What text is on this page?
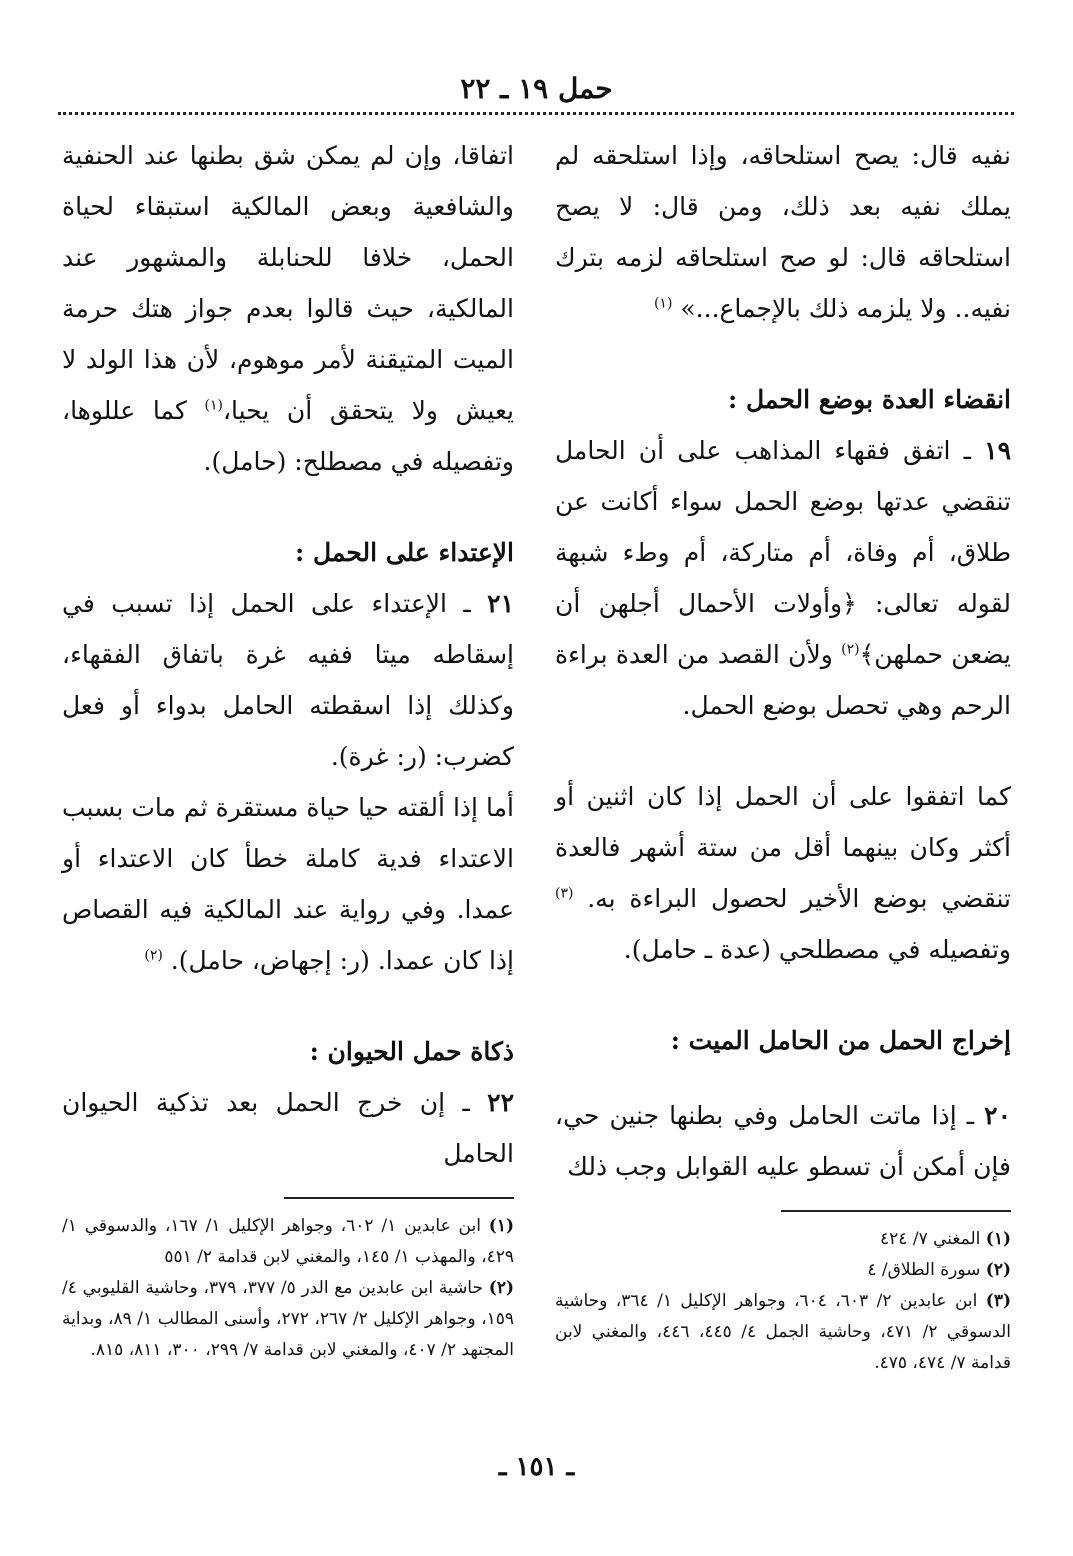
حمل ١٩ ـ ٢٢

نفيه قال: يصح استلحاقه، وإذا استلحقه لم يملك نفيه بعد ذلك، ومن قال: لا يصح استلحاقه قال: لو صح استلحاقه لزمه بترك نفيه.. ولا يلزمه ذلك بالإجماع...» $^{(١)}$

انقضاء العدة بوضع الحمل :

١٩ ـ اتفق فقهاء المذاهب على أن الحامل تنقضي عدتها بوضع الحمل سواء أكانت عن طلاق، أم وفاة، أم متاركة، أم وطء شبهة لقوله تعالى: ﴿وأولات الأحمال أجلهن أن يضعن حملهن﴾$^{(٢)}$ ولأن القصد من العدة براءة الرحم وهي تحصل بوضع الحمل.

كما اتفقوا على أن الحمل إذا كان اثنين أو أكثر وكان بينهما أقل من ستة أشهر فالعدة تنقضي بوضع الأخير لحصول البراءة به. $^{(٣)}$ وتفصيله في مصطلحي (عدة ـ حامل).

إخراج الحمل من الحامل الميت :

٢٠ ـ إذا ماتت الحامل وفي بطنها جنين حي، فإن أمكن أن تسطو عليه القوابل وجب ذلك

(١) المغني ٧/ ٤٢٤

(٢) سورة الطلاق/ ٤

(٣) ابن عابدين ٢/ ٦٠٣، ٦٠٤، وجواهر الإكليل ١/ ٣٦٤، وحاشية الدسوقي ٢/ ٤٧١، وحاشية الجمل ٤/ ٤٤٥، ٤٤٦، والمغني لابن قدامة ٧/ ٤٧٤، ٤٧٥.

اتفاقا، وإن لم يمكن شق بطنها عند الحنفية والشافعية وبعض المالكية استبقاء لحياة الحمل، خلافا للحنابلة والمشهور عند المالكية، حيث قالوا بعدم جواز هتك حرمة الميت المتيقنة لأمر موهوم، لأن هذا الولد لا يعيش ولا يتحقق أن يحيا،$^{(١)}$ كما عللوها، وتفصيله في مصطلح: (حامل).

الإعتداء على الحمل :

٢١ ـ الإعتداء على الحمل إذا تسبب في إسقاطه ميتا ففيه غرة باتفاق الفقهاء، وكذلك إذا اسقطته الحامل بدواء أو فعل كضرب: (ر: غرة).

أما إذا ألقته حيا حياة مستقرة ثم مات بسبب الاعتداء فدية كاملة خطأ كان الاعتداء أو عمدا. وفي رواية عند المالكية فيه القصاص إذا كان عمدا. (ر: إجهاض، حامل). $^{(٢)}$

ذكاة حمل الحيوان :

٢٢ ـ إن خرج الحمل بعد تذكية الحيوان الحامل

(١) ابن عابدين ١/ ٦٠٢، وجواهر الإكليل ١/ ١٦٧، والدسوقي ١/ ٤٢٩، والمهذب ١/ ١٤٥، والمغني لابن قدامة ٢/ ٥٥١

(٢) حاشية ابن عابدين مع الدر ٥/ ٣٧٧، ٣٧٩، وحاشية القليوبي ٤/ ١٥٩، وجواهر الإكليل ٢/ ٢٦٧، ٢٧٢، وأسنى المطالب ١/ ٨٩، وبداية المجتهد ٢/ ٤٠٧، والمغني لابن قدامة ٧/ ٢٩٩، ٣٠٠، ٨١١، ٨١٥.

ـ ١٥١ ـ
